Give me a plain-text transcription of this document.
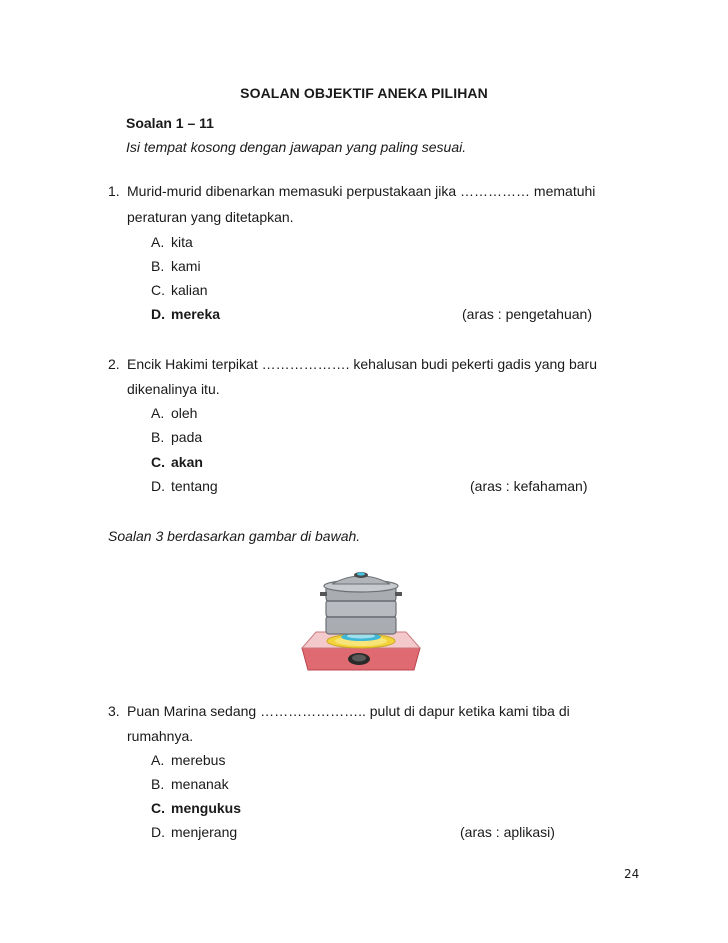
SOALAN OBJEKTIF ANEKA PILIHAN
Soalan 1 – 11
Isi tempat kosong dengan jawapan yang paling sesuai.
1. Murid-murid dibenarkan memasuki perpustakaan jika …………… mematuhi
peraturan yang ditetapkan.
A. kita
B. kami
C. kalian
D. mereka	(aras : pengetahuan)
2. Encik Hakimi terpikat ………………. kehalusan budi pekerti gadis yang baru
dikenalinya itu.
A. oleh
B. pada
C. akan
D. tentang	(aras : kefahaman)
Soalan 3 berdasarkan gambar di bawah.
3. Puan Marina sedang ………………….. pulut di dapur ketika kami tiba di
rumahnya.
A. merebus
B. menanak
C. mengukus
D. menjerang	(aras : aplikasi)
24
